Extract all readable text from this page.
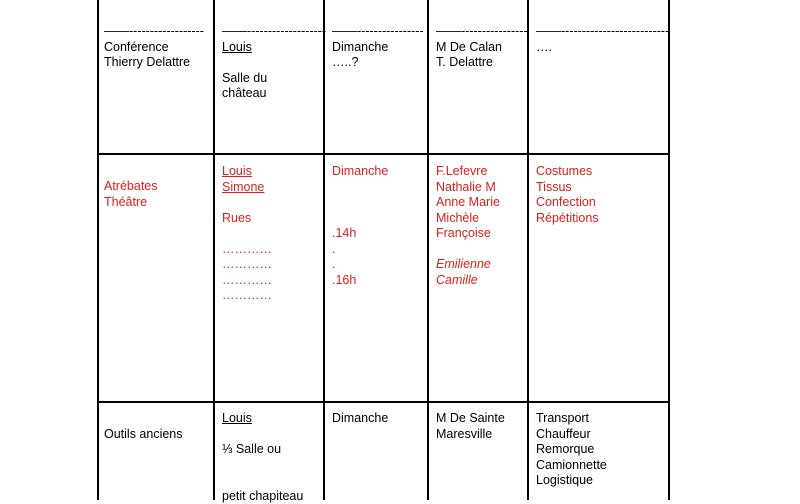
——------------------
Conférence
Thierry Delattre
——-------------------
Louis
Salle du
château
——----------------
Dimanche
…..?
——----------------
M De Calan
T. Delattre
——--------------------------
….
Atrébates
Théâtre
Louis
Simone
Rues
…………
…………
…………
…………
Dimanche
.14h
.
.
.16h
F.Lefevre
Nathalie M
Anne Marie
Michèle
Françoise
Emilienne
Camille
Costumes
Tissus
Confection
Répétitions
Outils anciens
Louis
⅓ Salle ou
petit chapiteau
Dimanche	M De Sainte
Maresville
Transport
Chauffeur
Remorque
Camionnette
Logistique
